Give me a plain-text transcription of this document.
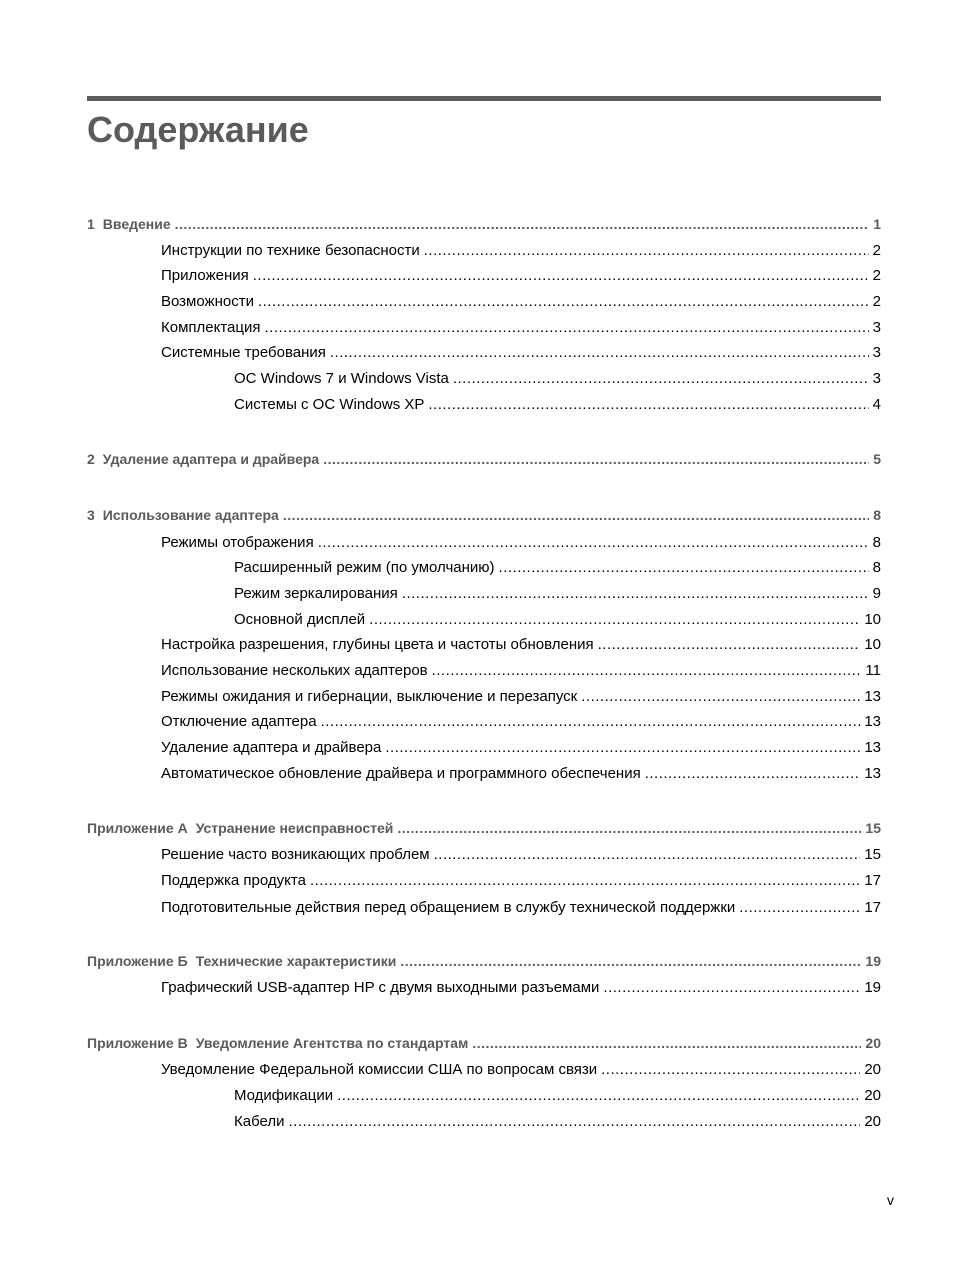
Содержание
1 Введение .....	1
Инструкции по технике безопасности .....	2
Приложения .....	2
Возможности .....	2
Комплектация .....	3
Системные требования .....	3
ОС Windows 7 и Windows Vista .....	3
Системы с ОС Windows XP .....	4
2 Удаление адаптера и драйвера .....	5
3 Использование адаптера .....	8
Режимы отображения .....	8
Расширенный режим (по умолчанию) .....	8
Режим зеркалирования .....	9
Основной дисплей .....	10
Настройка разрешения, глубины цвета и частоты обновления .....	10
Использование нескольких адаптеров .....	11
Режимы ожидания и гибернации, выключение и перезапуск .....	13
Отключение адаптера .....	13
Удаление адаптера и драйвера .....	13
Автоматическое обновление драйвера и программного обеспечения .....	13
Приложение А Устранение неисправностей .....	15
Решение часто возникающих проблем .....	15
Поддержка продукта .....	17
Подготовительные действия перед обращением в службу технической поддержки .....	17
Приложение Б Технические характеристики .....	19
Графический USB-адаптер HP с двумя выходными разъемами .....	19
Приложение В Уведомление Агентства по стандартам .....	20
Уведомление Федеральной комиссии США по вопросам связи .....	20
Модификации .....	20
Кабели .....	20
v
